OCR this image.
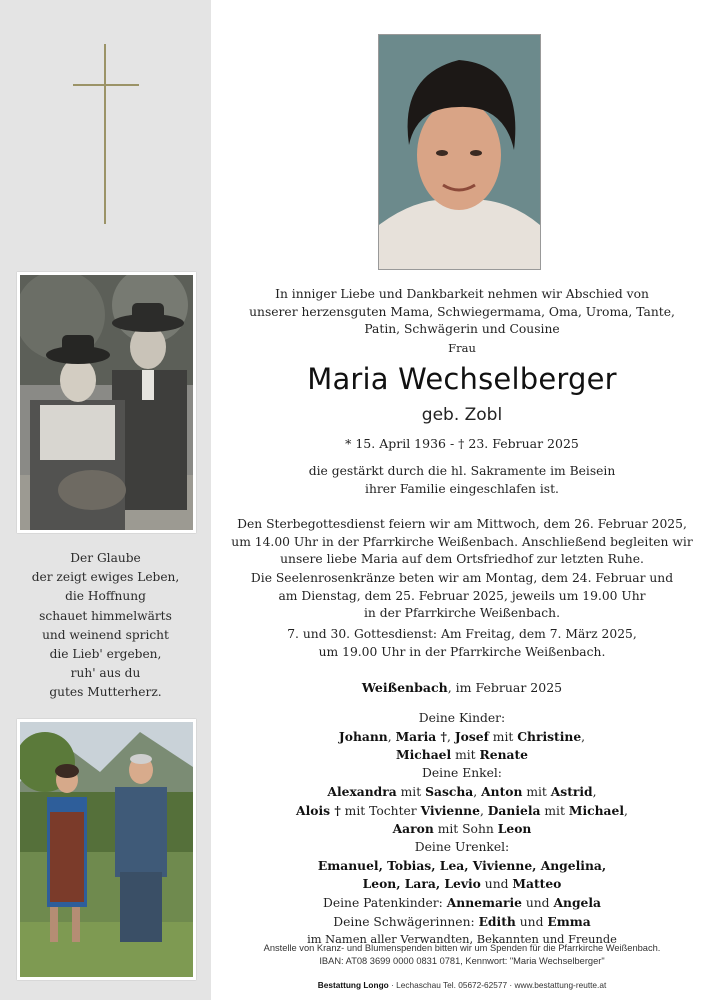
Der Glaube
der zeigt ewiges Leben,
die Hoffnung
schauet himmelwärts
und weinend spricht
die Lieb' ergeben,
ruh' aus du
gutes Mutterherz.
In inniger Liebe und Dankbarkeit nehmen wir Abschied von
unserer herzensguten Mama, Schwiegermama, Oma, Uroma, Tante,
Patin, Schwägerin und Cousine
Frau
Maria Wechselberger
geb. Zobl
* 15. April 1936 - † 23. Februar 2025
die gestärkt durch die hl. Sakramente im Beisein
ihrer Familie eingeschlafen ist.
Den Sterbegottesdienst feiern wir am Mittwoch, dem 26. Februar 2025,
um 14.00 Uhr in der Pfarrkirche Weißenbach. Anschließend begleiten wir
unsere liebe Maria auf dem Ortsfriedhof zur letzten Ruhe.
Die Seelenrosenkränze beten wir am Montag, dem 24. Februar und
am Dienstag, dem 25. Februar 2025, jeweils um 19.00 Uhr
in der Pfarrkirche Weißenbach.
7. und 30. Gottesdienst: Am Freitag, dem 7. März 2025,
um 19.00 Uhr in der Pfarrkirche Weißenbach.
Weißenbach, im Februar 2025
Deine Kinder:
Johann, Maria †, Josef mit Christine,
Michael mit Renate
Deine Enkel:
Alexandra mit Sascha, Anton mit Astrid,
Alois † mit Tochter Vivienne, Daniela mit Michael,
Aaron mit Sohn Leon
Deine Urenkel:
Emanuel, Tobias, Lea, Vivienne, Angelina,
Leon, Lara, Levio und Matteo
Deine Patenkinder: Annemarie und Angela
Deine Schwägerinnen: Edith und Emma
im Namen aller Verwandten, Bekannten und Freunde
Anstelle von Kranz- und Blumenspenden bitten wir um Spenden für die Pfarrkirche Weißenbach.
IBAN: AT08 3699 0000 0831 0781, Kennwort: "Maria Wechselberger"
Bestattung Longo · Lechaschau Tel. 05672-62577 · www.bestattung-reutte.at
